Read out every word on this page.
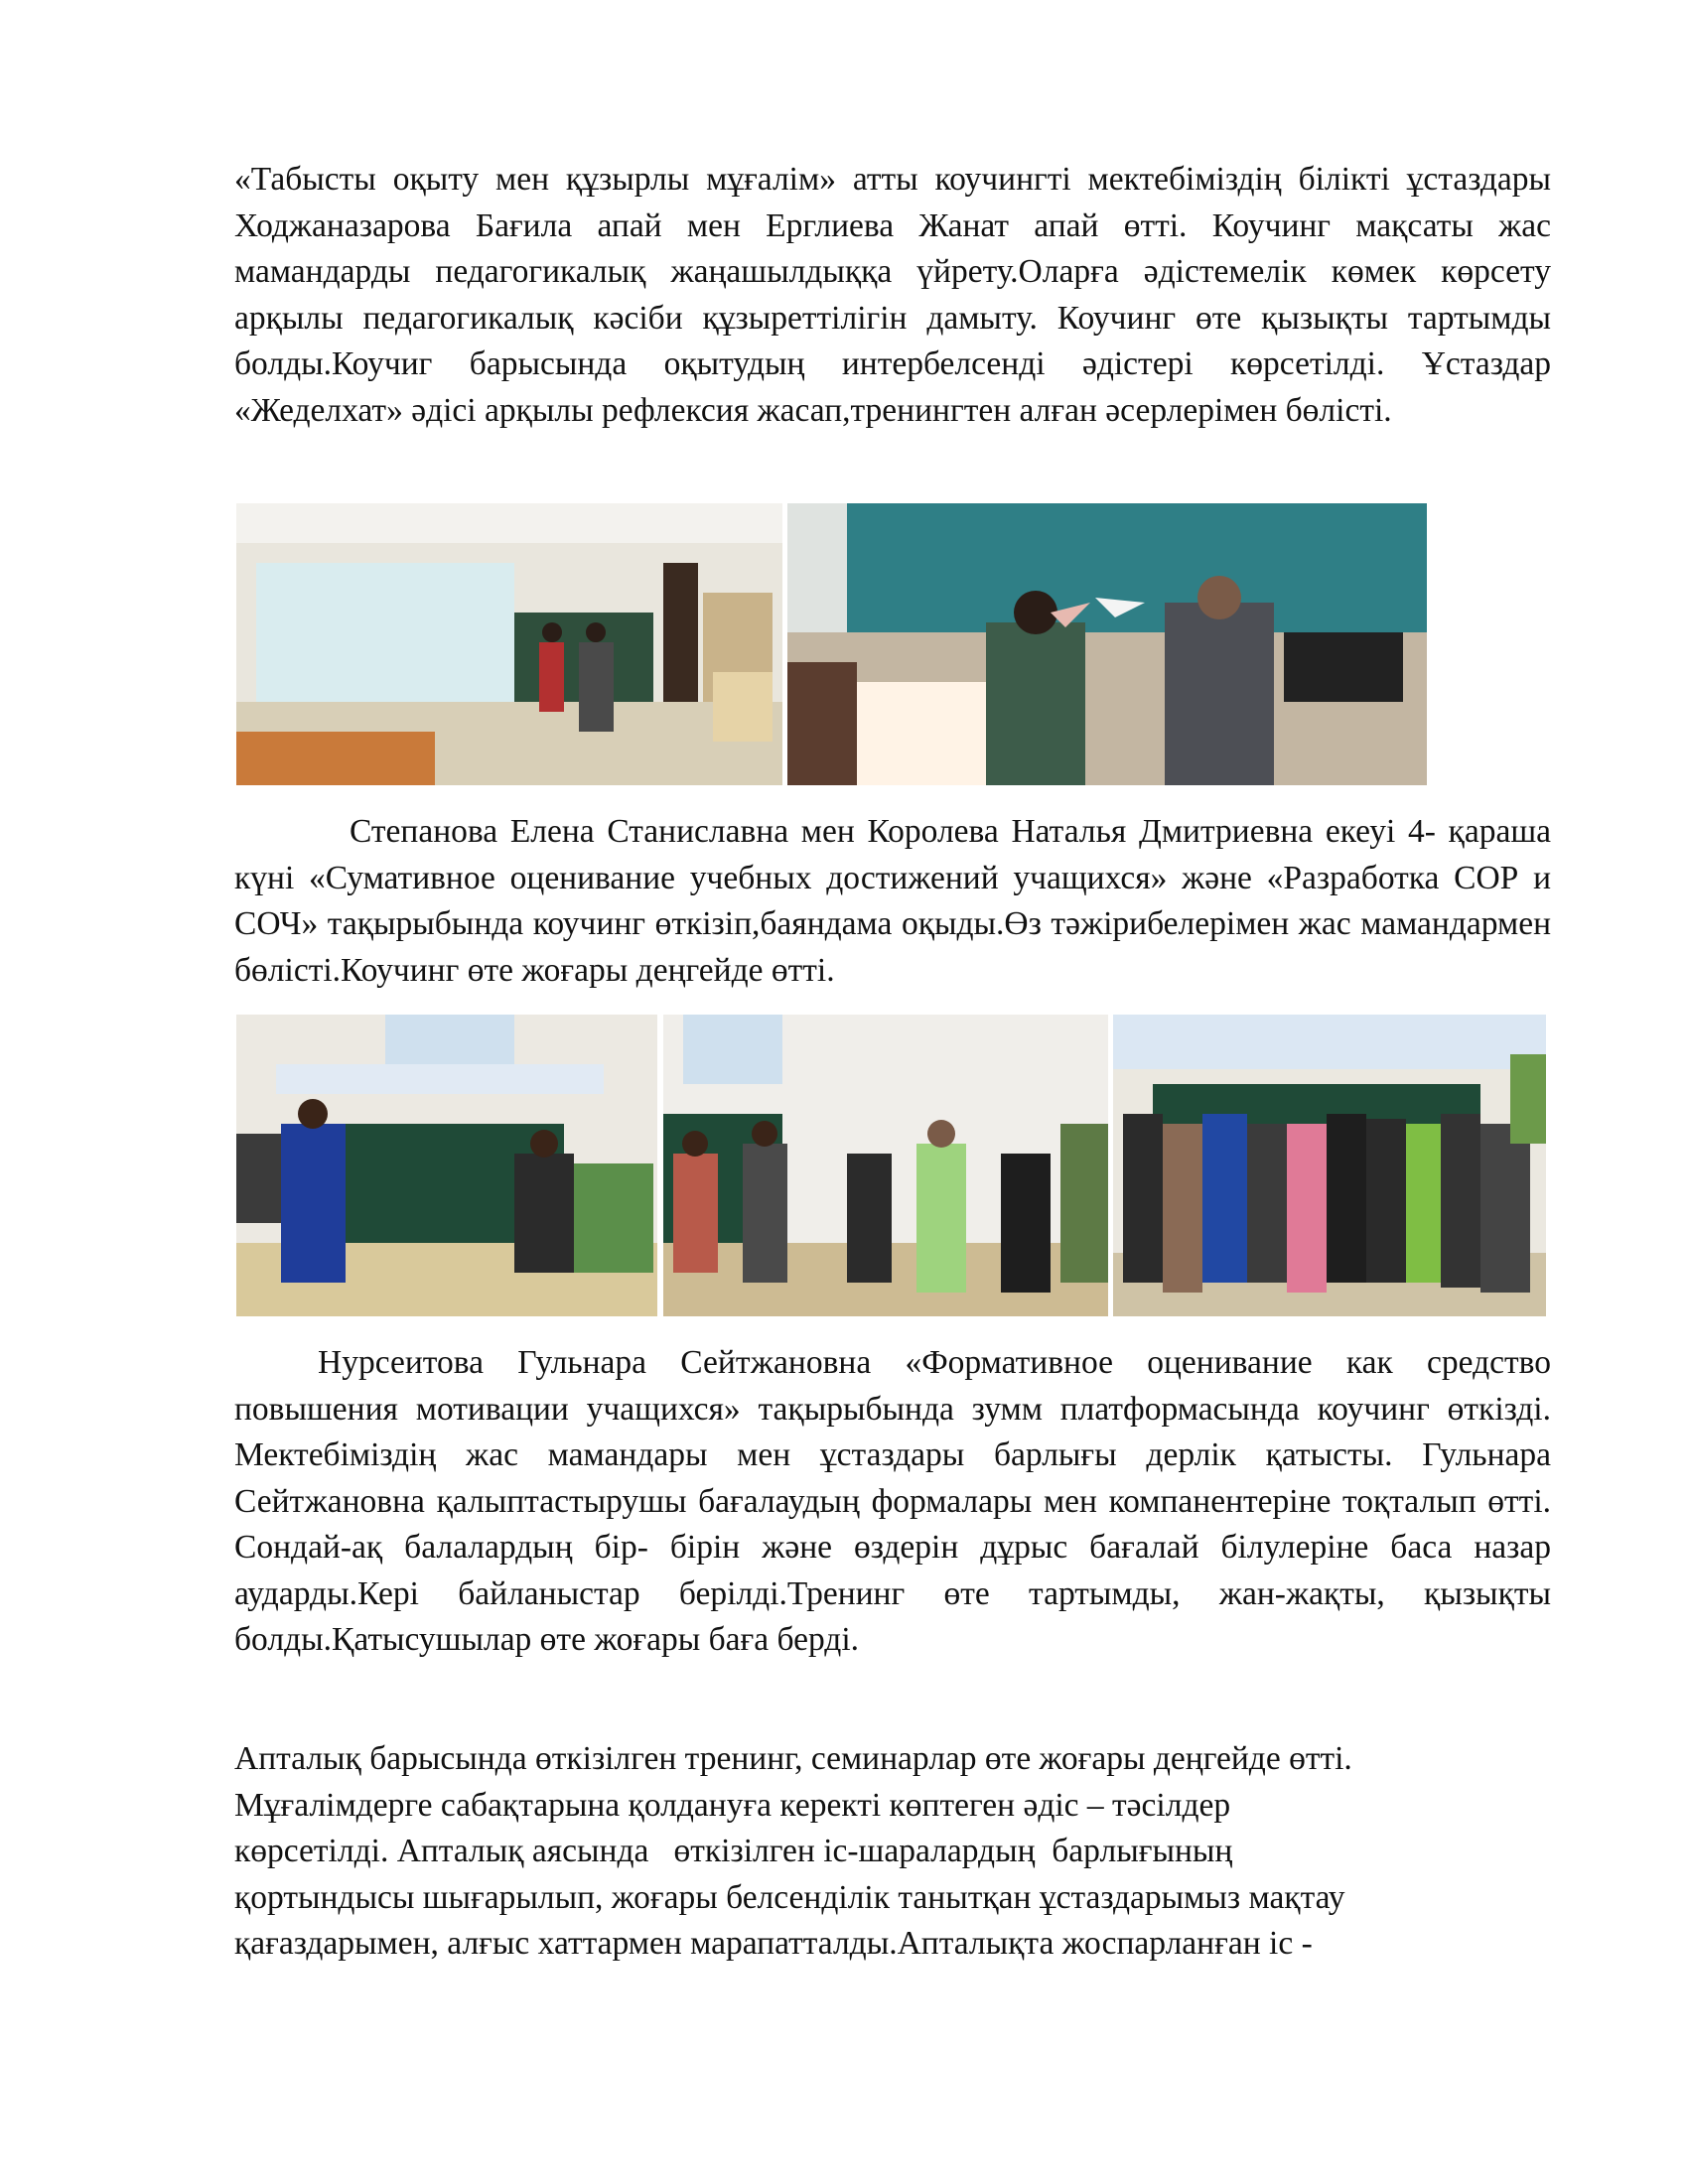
«Табысты оқыту мен құзырлы мұғалім» атты коучингті мектебіміздің білікті ұстаздары Ходжаназарова Бағила апай мен Ерглиева Жанат апай өтті. Коучинг мақсаты жас мамандарды педагогикалық жаңашылдыққа үйрету.Оларға әдістемелік көмек көрсету арқылы педагогикалық кәсіби құзыреттілігін дамыту. Коучинг өте қызықты тартымды болды.Коучиг барысында оқытудың интербелсенді әдістері көрсетілді. Ұстаздар «Жеделхат» әдісі арқылы рефлексия жасап,тренингтен алған әсерлерімен бөлісті.

Степанова Елена Станиславна мен Королева Наталья Дмитриевна екеуі 4- қараша күні «Сумативное оценивание учебных достижений учащихся» және «Разработка СОР и СОЧ» тақырыбында коучинг өткізіп,баяндама оқыды.Өз тәжірибелерімен жас мамандармен бөлісті.Коучинг өте жоғары деңгейде өтті.

Нурсеитова Гульнара Сейтжановна «Формативное оценивание как средство повышения мотивации учащихся» тақырыбында зумм платформасында коучинг өткізді. Мектебіміздің жас мамандары мен ұстаздары барлығы дерлік қатысты. Гульнара Сейтжановна қалыптастырушы бағалаудың формалары мен компанентеріне тоқталып өтті. Сондай-ақ балалардың бір- бірін және өздерін дұрыс бағалай білулеріне баса назар аударды.Кері байланыстар берілді.Тренинг өте тартымды, жан-жақты, қызықты болды.Қатысушылар өте жоғары баға берді.

Апталық барысында өткізілген тренинг, семинарлар өте жоғары деңгейде өтті.
Мұғалімдерге сабақтарына қолдануға керекті көптеген әдіс – тәсілдер
көрсетілді. Апталық аясында   өткізілген іс-шаралардың  барлығының
қортындысы шығарылып, жоғары белсенділік танытқан ұстаздарымыз мақтау
қағаздарымен, алғыс хаттармен марапатталды.Апталықта жоспарланған іс -
